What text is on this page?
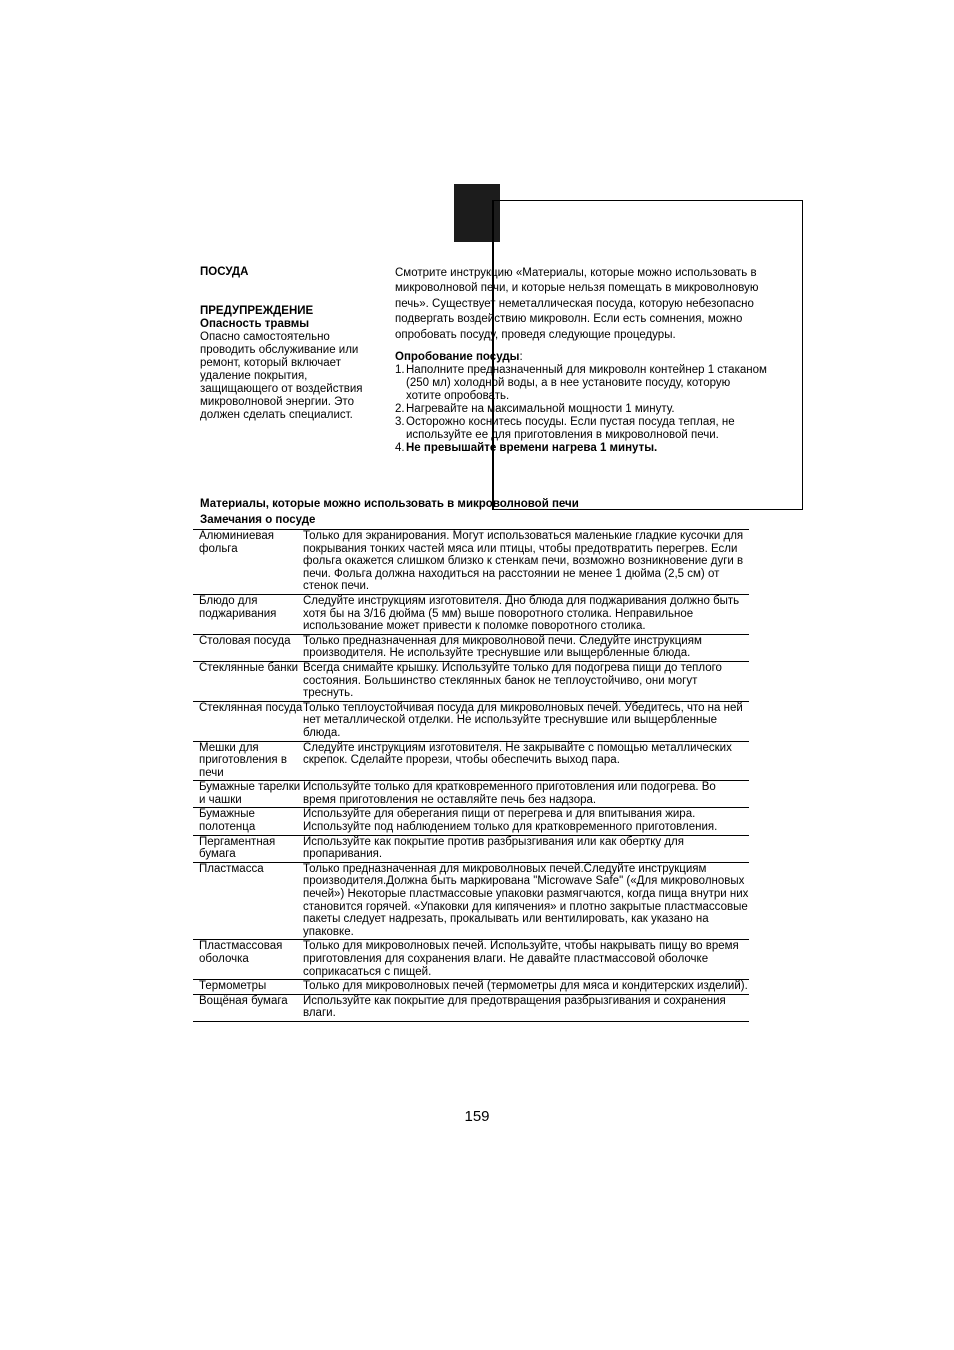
ПОСУДА
ПРЕДУПРЕЖДЕНИЕ
Опасность травмы
Опасно самостоятельно проводить обслуживание или ремонт, который включает удаление покрытия, защищающего от воздействия микроволновой энергии. Это должен сделать специалист.

Смотрите инструкцию «Материалы, которые можно использовать в микроволновой печи, и которые нельзя помещать в микроволновую печь». Существует неметаллическая посуда, которую небезопасно подвергать воздействию микроволн. Если есть сомнения, можно опробовать посуду, проведя следующие процедуры.

Опробование посуды:
1. Наполните предназначенный для микроволн контейнер 1 стаканом (250 мл) холодной воды, а в нее установите посуду, которую хотите опробовать.
2. Нагревайте на максимальной мощности 1 минуту.
3. Осторожно коснитесь посуды. Если пустая посуда теплая, не используйте ее для приготовления в микроволновой печи.
4. Не превышайте времени нагрева 1 минуты.
Материалы, которые можно использовать в микроволновой печи
Замечания о посуде
Алюминиевая фольга	Только для экранирования. Могут использоваться маленькие гладкие кусочки для покрывания тонких частей мяса или птицы, чтобы предотвратить перегрев. Если фольга окажется слишком близко к стенкам печи, возможно возникновение дуги в печи. Фольга должна находиться на расстоянии не менее 1 дюйма (2,5 см) от стенок печи.
Блюдо для поджаривания	Следуйте инструкциям изготовителя. Дно блюда для поджаривания должно быть хотя бы на 3/16 дюйма (5 мм) выше поворотного столика. Неправильное использование может привести к поломке поворотного столика.
Столовая посуда	Только предназначенная для микроволновой печи. Следуйте инструкциям производителя. Не используйте треснувшие или выщербленные блюда.
Стеклянные банки	Всегда снимайте крышку. Используйте только для подогрева пищи до теплого состояния. Большинство стеклянных банок не теплоустойчиво, они могут треснуть.
Стеклянная посуда	Только теплоустойчивая посуда для микроволновых печей. Убедитесь, что на ней нет металлической отделки. Не используйте треснувшие или выщербленные блюда.
Мешки для приготовления в печи	Следуйте инструкциям изготовителя. Не закрывайте с помощью металлических скрепок. Сделайте прорези, чтобы обеспечить выход пара.
Бумажные тарелки и чашки	Используйте только для кратковременного приготовления или подогрева. Во время приготовления не оставляйте печь без надзора.
Бумажные полотенца	Используйте для оберегания пищи от перегрева и для впитывания жира. Используйте под наблюдением только для кратковременного приготовления.
Пергаментная бумага	Используйте как покрытие против разбрызгивания или как обертку для пропаривания.
Пластмасса	Только предназначенная для микроволновых печей.Следуйте инструкциям производителя.Должна быть маркирована "Microwave Safe" («Для микроволновых печей») Некоторые пластмассовые упаковки размягчаются, когда пища внутри них становится горячей. «Упаковки для кипячения» и плотно закрытые пластмассовые пакеты следует надрезать, прокалывать или вентилировать, как указано на упаковке.
Пластмассовая оболочка	Только для микроволновых печей. Используйте, чтобы накрывать пищу во время приготовления для сохранения влаги. Не давайте пластмассовой оболочке соприкасаться с пищей.
Термометры	Только для микроволновых печей (термометры для мяса и кондитерских изделий).
Вощёная бумага	Используйте как покрытие для предотвращения разбрызгивания и сохранения влаги.
159
